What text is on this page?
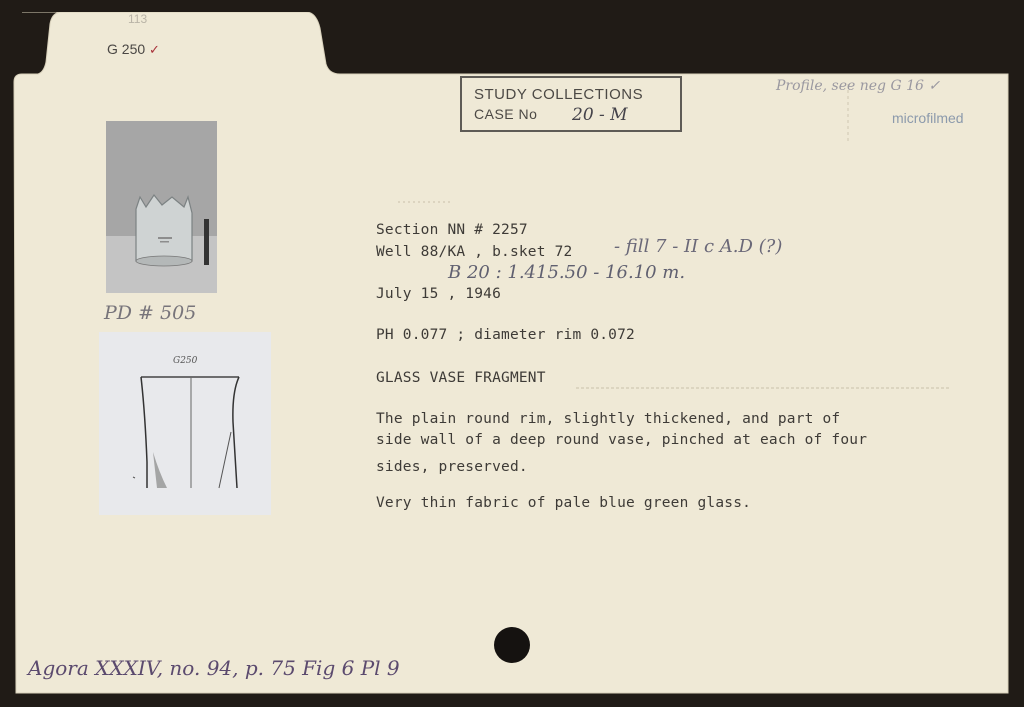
113
G 250 ✓
STUDY COLLECTIONS
CASE No 20 - M
Profile, see neg G 16 ✓
microfilmed
PD # 505
G250
Section NN # 2257
Well 88/KA , b.sket 72 - fill 7 - II c A.D (?)
B 20 : 1.415.50 - 16.10 m.
July 15 , 1946
PH 0.077 ; diameter rim 0.072
GLASS VASE FRAGMENT
The plain round rim, slightly thickened, and part of
side wall of a deep round vase, pinched at each of four
sides, preserved.
Very thin fabric of pale blue green glass.
Agora XXXIV, no. 94, p. 75 Fig 6 Pl 9
